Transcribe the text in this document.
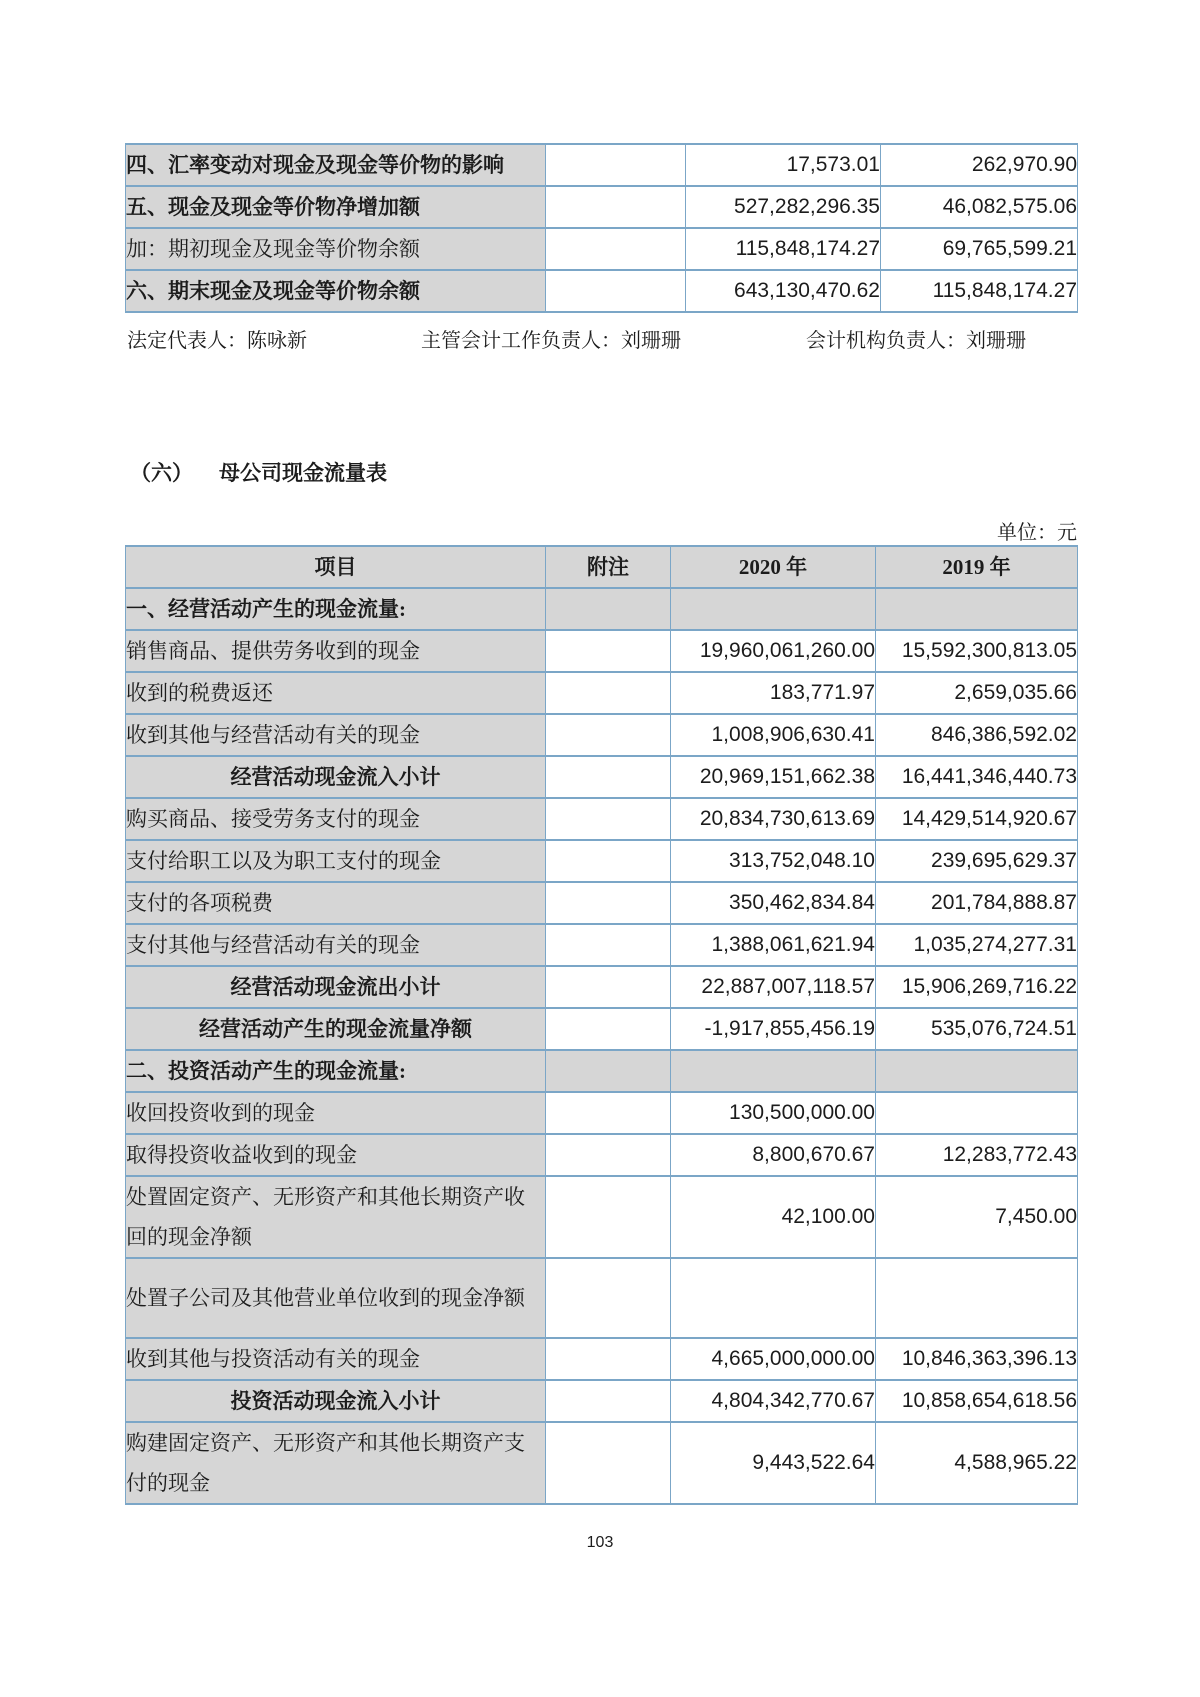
四、汇率变动对现金及现金等价物的影响		17,573.01	262,970.90
五、现金及现金等价物净增加额		527,282,296.35	46,082,575.06
加：期初现金及现金等价物余额		115,848,174.27	69,765,599.21
六、期末现金及现金等价物余额		643,130,470.62	115,848,174.27
法定代表人：陈咏新	主管会计工作负责人：刘珊珊	会计机构负责人：刘珊珊
（六） 母公司现金流量表
单位：元
项目	附注	2020 年	2019 年
一、经营活动产生的现金流量:			
销售商品、提供劳务收到的现金		19,960,061,260.00	15,592,300,813.05
收到的税费返还		183,771.97	2,659,035.66
收到其他与经营活动有关的现金		1,008,906,630.41	846,386,592.02
经营活动现金流入小计		20,969,151,662.38	16,441,346,440.73
购买商品、接受劳务支付的现金		20,834,730,613.69	14,429,514,920.67
支付给职工以及为职工支付的现金		313,752,048.10	239,695,629.37
支付的各项税费		350,462,834.84	201,784,888.87
支付其他与经营活动有关的现金		1,388,061,621.94	1,035,274,277.31
经营活动现金流出小计		22,887,007,118.57	15,906,269,716.22
经营活动产生的现金流量净额		-1,917,855,456.19	535,076,724.51
二、投资活动产生的现金流量:			
收回投资收到的现金		130,500,000.00	
取得投资收益收到的现金		8,800,670.67	12,283,772.43
处置固定资产、无形资产和其他长期资产收回的现金净额		42,100.00	7,450.00
处置子公司及其他营业单位收到的现金净额			
收到其他与投资活动有关的现金		4,665,000,000.00	10,846,363,396.13
投资活动现金流入小计		4,804,342,770.67	10,858,654,618.56
购建固定资产、无形资产和其他长期资产支付的现金		9,443,522.64	4,588,965.22
103
